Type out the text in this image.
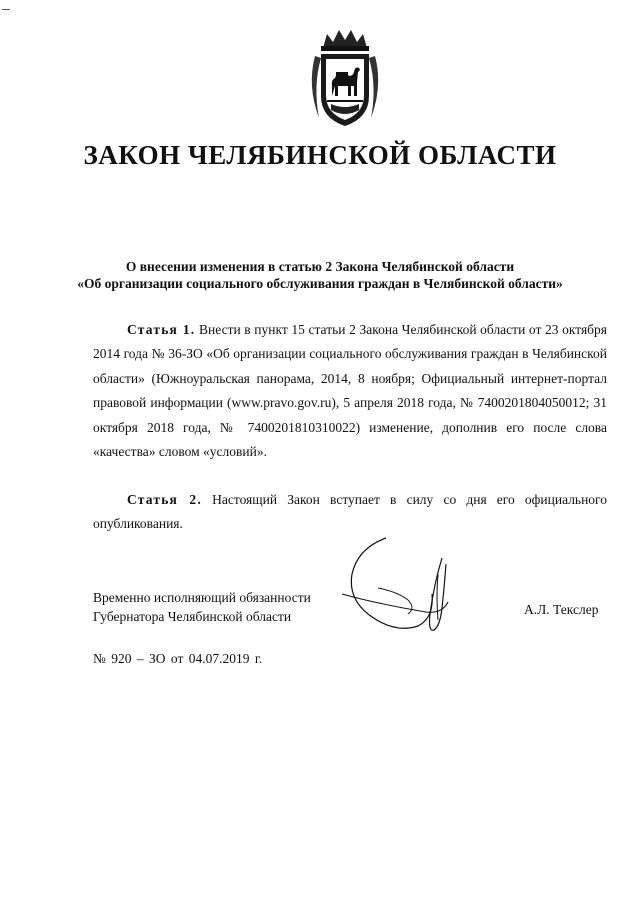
ЗАКОН ЧЕЛЯБИНСКОЙ ОБЛАСТИ
О внесении изменения в статью 2 Закона Челябинской области
«Об организации социального обслуживания граждан в Челябинской области»
Статья 1. Внести в пункт 15 статьи 2 Закона Челябинской области от 23 октября 2014 года № 36-ЗО «Об организации социального обслуживания граждан в Челябинской области» (Южноуральская панорама, 2014, 8 ноября; Официальный интернет-портал правовой информации (www.pravo.gov.ru), 5 апреля 2018 года, № 7400201804050012; 31 октября 2018 года, № 7400201810310022) изменение, дополнив его после слова «качества» словом «условий».
Статья 2. Настоящий Закон вступает в силу со дня его официального опубликования.
Временно исполняющий обязанности
Губернатора Челябинской области	А.Л. Текслер
№ 920 – ЗО от 04.07.2019 г.
